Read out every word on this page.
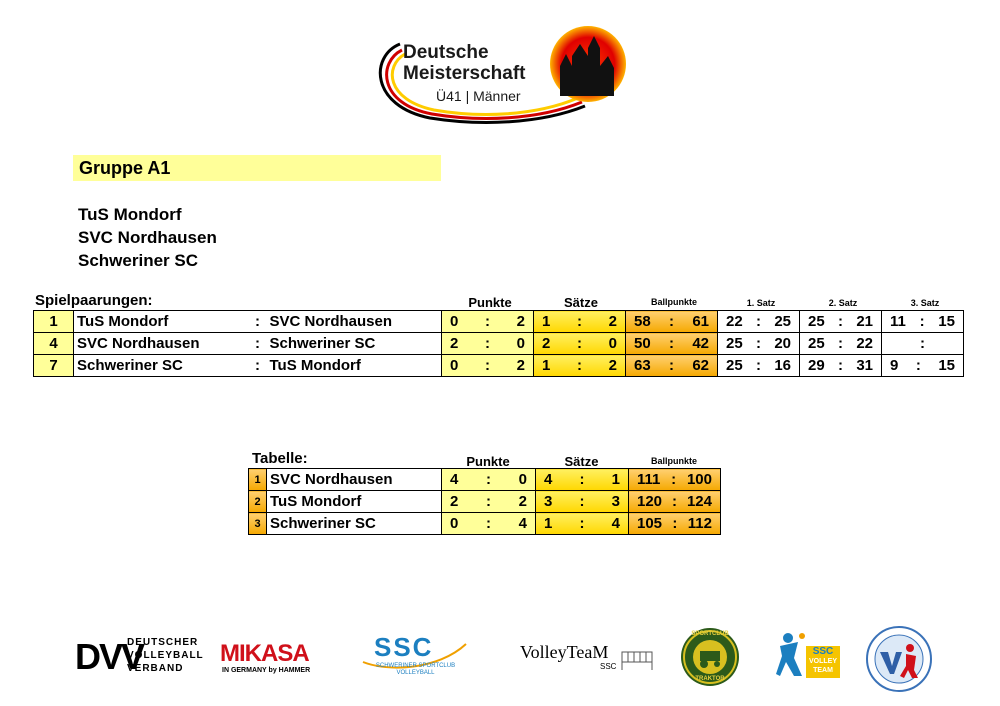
Deutsche
Meisterschaft
Ü41 | Männer
Gruppe A1
TuS Mondorf
SVC Nordhausen
Schweriner SC
Spielpaarungen:	Punkte	Sätze	Ballpunkte	1. Satz	2. Satz	3. Satz
1	TuS Mondorf	:	SVC Nordhausen	0 : 2	1 : 2	58 : 61	22 : 25	25 : 21	11 : 15

4	SVC Nordhausen	:	Schweriner SC	2 : 0	2 : 0	50 : 42	25 : 20	25 : 22	:

7	Schweriner SC	:	TuS Mondorf	0 : 2	1 : 2	63 : 62	25 : 16	29 : 31	9 : 15
Tabelle:	Punkte	Sätze	Ballpunkte
1	SVC Nordhausen	4 : 0	4 : 1	111 : 100

2	TuS Mondorf	2 : 2	3 : 3	120 : 124

3	Schweriner SC	0 : 4	1 : 4	105 : 112
DVV
DEUTSCHER
VOLLEYBALL
VERBAND
MIKASA
IN GERMANY by HAMMER
SSC
SCHWERINER SPORTCLUB
VOLLEYBALL
VolleyTeaM
SSC
SPORTCLUB
TRAKTOR
SSC
VOLLEY
TEAM
